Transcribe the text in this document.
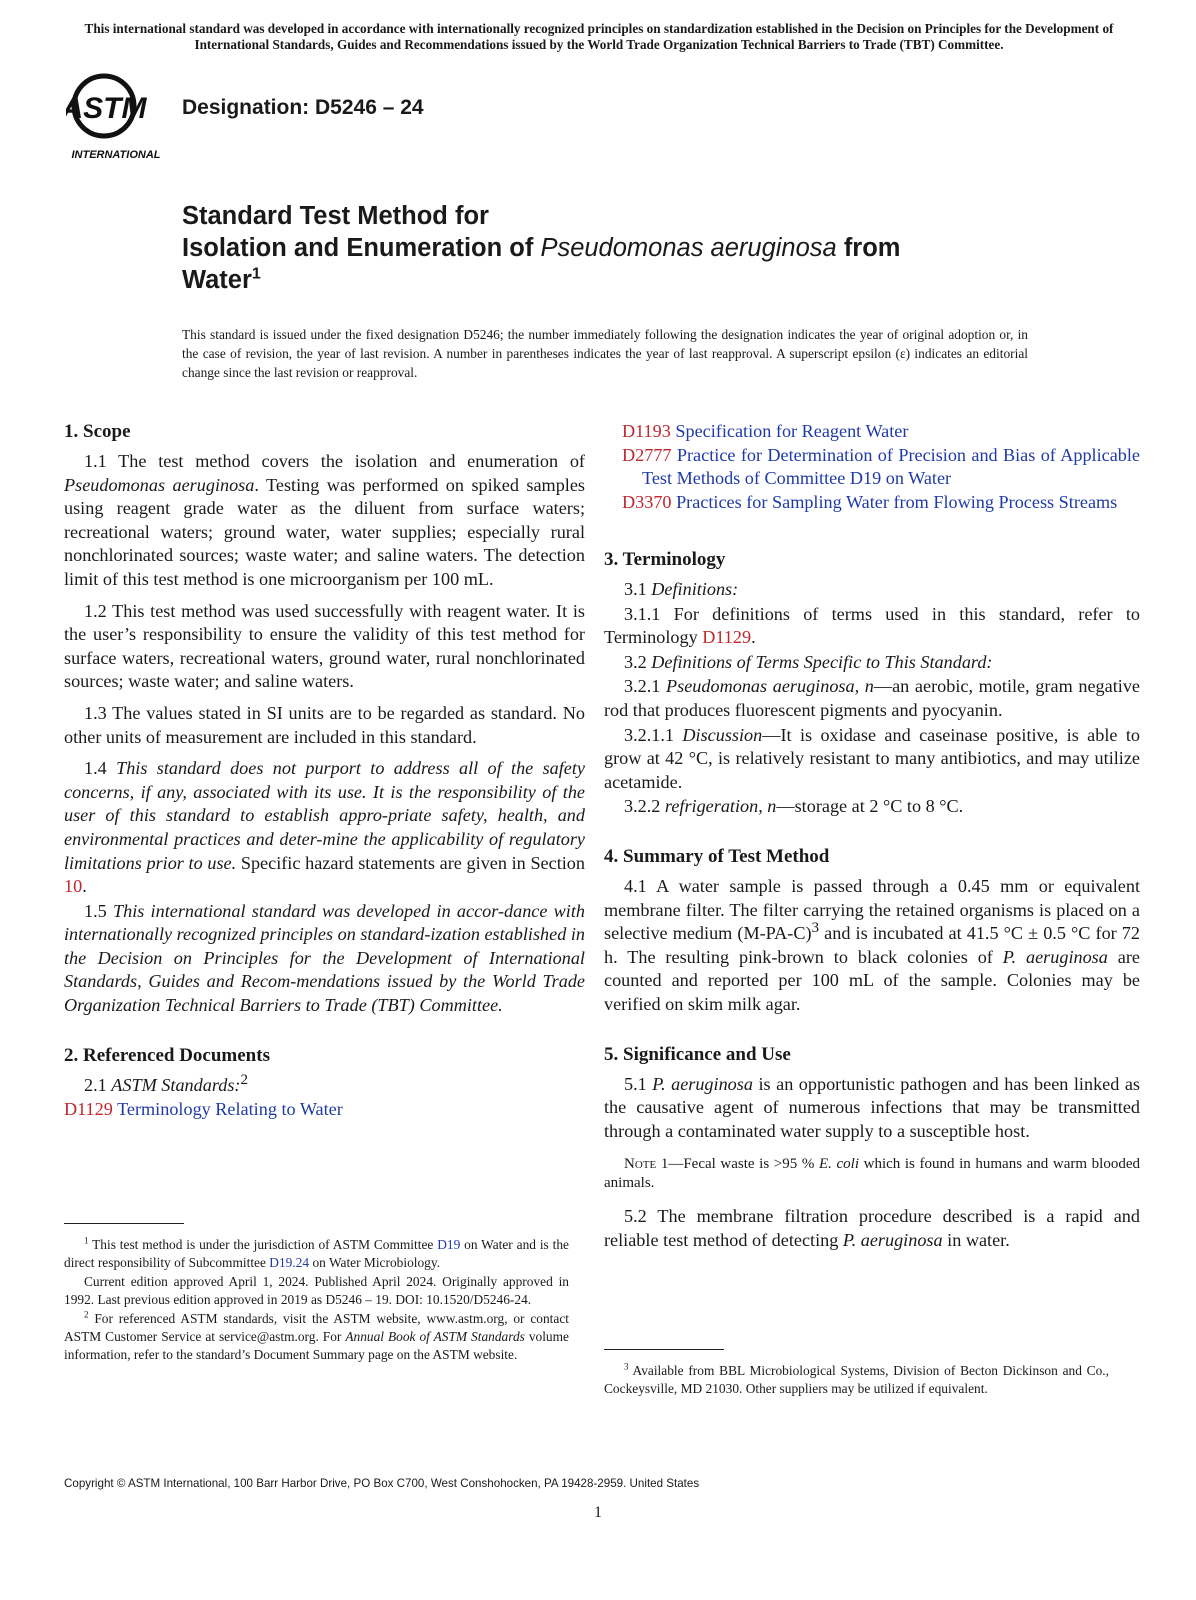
This international standard was developed in accordance with internationally recognized principles on standardization established in the Decision on Principles for the Development of International Standards, Guides and Recommendations issued by the World Trade Organization Technical Barriers to Trade (TBT) Committee.
ASTM
INTERNATIONAL
Designation: D5246 – 24
Standard Test Method for
Isolation and Enumeration of Pseudomonas aeruginosa from
Water$^1$
This standard is issued under the fixed designation D5246; the number immediately following the designation indicates the year of original adoption or, in the case of revision, the year of last revision. A number in parentheses indicates the year of last reapproval. A superscript epsilon (ε) indicates an editorial change since the last revision or reapproval.
1. Scope

1.1 The test method covers the isolation and enumeration of Pseudomonas aeruginosa. Testing was performed on spiked samples using reagent grade water as the diluent from surface waters; recreational waters; ground water, water supplies; especially rural nonchlorinated sources; waste water; and saline waters. The detection limit of this test method is one microorganism per 100 mL.

1.2 This test method was used successfully with reagent water. It is the user’s responsibility to ensure the validity of this test method for surface waters, recreational waters, ground water, rural nonchlorinated sources; waste water; and saline waters.

1.3 The values stated in SI units are to be regarded as standard. No other units of measurement are included in this standard.

1.4 This standard does not purport to address all of the safety concerns, if any, associated with its use. It is the responsibility of the user of this standard to establish appro-priate safety, health, and environmental practices and deter-mine the applicability of regulatory limitations prior to use. Specific hazard statements are given in Section 10.

1.5 This international standard was developed in accor-dance with internationally recognized principles on standard-ization established in the Decision on Principles for the Development of International Standards, Guides and Recom-mendations issued by the World Trade Organization Technical Barriers to Trade (TBT) Committee.

2. Referenced Documents

2.1 ASTM Standards:$^2$

D1129 Terminology Relating to Water

$^1$ This test method is under the jurisdiction of ASTM Committee D19 on Water and is the direct responsibility of Subcommittee D19.24 on Water Microbiology.

Current edition approved April 1, 2024. Published April 2024. Originally approved in 1992. Last previous edition approved in 2019 as D5246 – 19. DOI: 10.1520/D5246-24.

$^2$ For referenced ASTM standards, visit the ASTM website, www.astm.org, or contact ASTM Customer Service at service@astm.org. For Annual Book of ASTM Standards volume information, refer to the standard’s Document Summary page on the ASTM website.

D1193 Specification for Reagent Water

D2777 Practice for Determination of Precision and Bias of Applicable Test Methods of Committee D19 on Water

D3370 Practices for Sampling Water from Flowing Process Streams

3. Terminology

3.1 Definitions:

3.1.1 For definitions of terms used in this standard, refer to Terminology D1129.

3.2 Definitions of Terms Specific to This Standard:

3.2.1 Pseudomonas aeruginosa, n—an aerobic, motile, gram negative rod that produces fluorescent pigments and pyocyanin.

3.2.1.1 Discussion—It is oxidase and caseinase positive, is able to grow at 42 °C, is relatively resistant to many antibiotics, and may utilize acetamide.

3.2.2 refrigeration, n—storage at 2 °C to 8 °C.

4. Summary of Test Method

4.1 A water sample is passed through a 0.45 mm or equivalent membrane filter. The filter carrying the retained organisms is placed on a selective medium $(M-PA-C)^3$ and is incubated at 41.5 °C ± 0.5 °C for 72 h. The resulting pink-brown to black colonies of P. aeruginosa are counted and reported per 100 mL of the sample. Colonies may be verified on skim milk agar.

5. Significance and Use

5.1 P. aeruginosa is an opportunistic pathogen and has been linked as the causative agent of numerous infections that may be transmitted through a contaminated water supply to a susceptible host.

Note 1—Fecal waste is >95 % E. coli which is found in humans and warm blooded animals.

5.2 The membrane filtration procedure described is a rapid and reliable test method of detecting P. aeruginosa in water.

$^3$ Available from BBL Microbiological Systems, Division of Becton Dickinson and Co., Cockeysville, MD 21030. Other suppliers may be utilized if equivalent.

Copyright © ASTM International, 100 Barr Harbor Drive, PO Box C700, West Conshohocken, PA 19428-2959. United States
1
